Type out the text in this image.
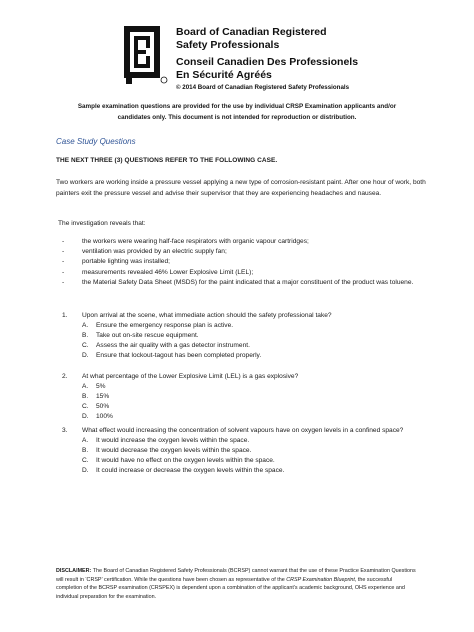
Board of Canadian Registered
Safety Professionals
Conseil Canadien Des Professionels
En Sécurité Agréés
© 2014 Board of Canadian Registered Safety Professionals
Sample examination questions are provided for the use by individual CRSP Examination applicants and/or candidates only. This document is not intended for reproduction or distribution.
Case Study Questions
THE NEXT THREE (3) QUESTIONS REFER TO THE FOLLOWING CASE.
Two workers are working inside a pressure vessel applying a new type of corrosion-resistant paint. After one hour of work, both painters exit the pressure vessel and advise their supervisor that they are experiencing headaches and nausea.
The investigation reveals that:
-	the workers were wearing half-face respirators with organic vapour cartridges;
-	ventilation was provided by an electric supply fan;
-	portable lighting was installed;
-	measurements revealed 46% Lower Explosive Limit (LEL);
-	the Material Safety Data Sheet (MSDS) for the paint indicated that a major constituent of the product was toluene.
1. Upon arrival at the scene, what immediate action should the safety professional take?
A. Ensure the emergency response plan is active.
B. Take out on-site rescue equipment.
C. Assess the air quality with a gas detector instrument.
D. Ensure that lockout-tagout has been completed properly.
2. At what percentage of the Lower Explosive Limit (LEL) is a gas explosive?
A. 5%
B. 15%
C. 50%
D. 100%
3. What effect would increasing the concentration of solvent vapours have on oxygen levels in a confined space?
A. It would increase the oxygen levels within the space.
B. It would decrease the oxygen levels within the space.
C. It would have no effect on the oxygen levels within the space.
D. It could increase or decrease the oxygen levels within the space.
DISCLAIMER: The Board of Canadian Registered Safety Professionals (BCRSP) cannot warrant that the use of these Practice Examination Questions will result in ‘CRSP’ certification. While the questions have been chosen as representative of the CRSP Examination Blueprint, the successful completion of the BCRSP examination (CRSPEX) is dependent upon a combination of the applicant’s academic background, OHS experience and individual preparation for the examination.
